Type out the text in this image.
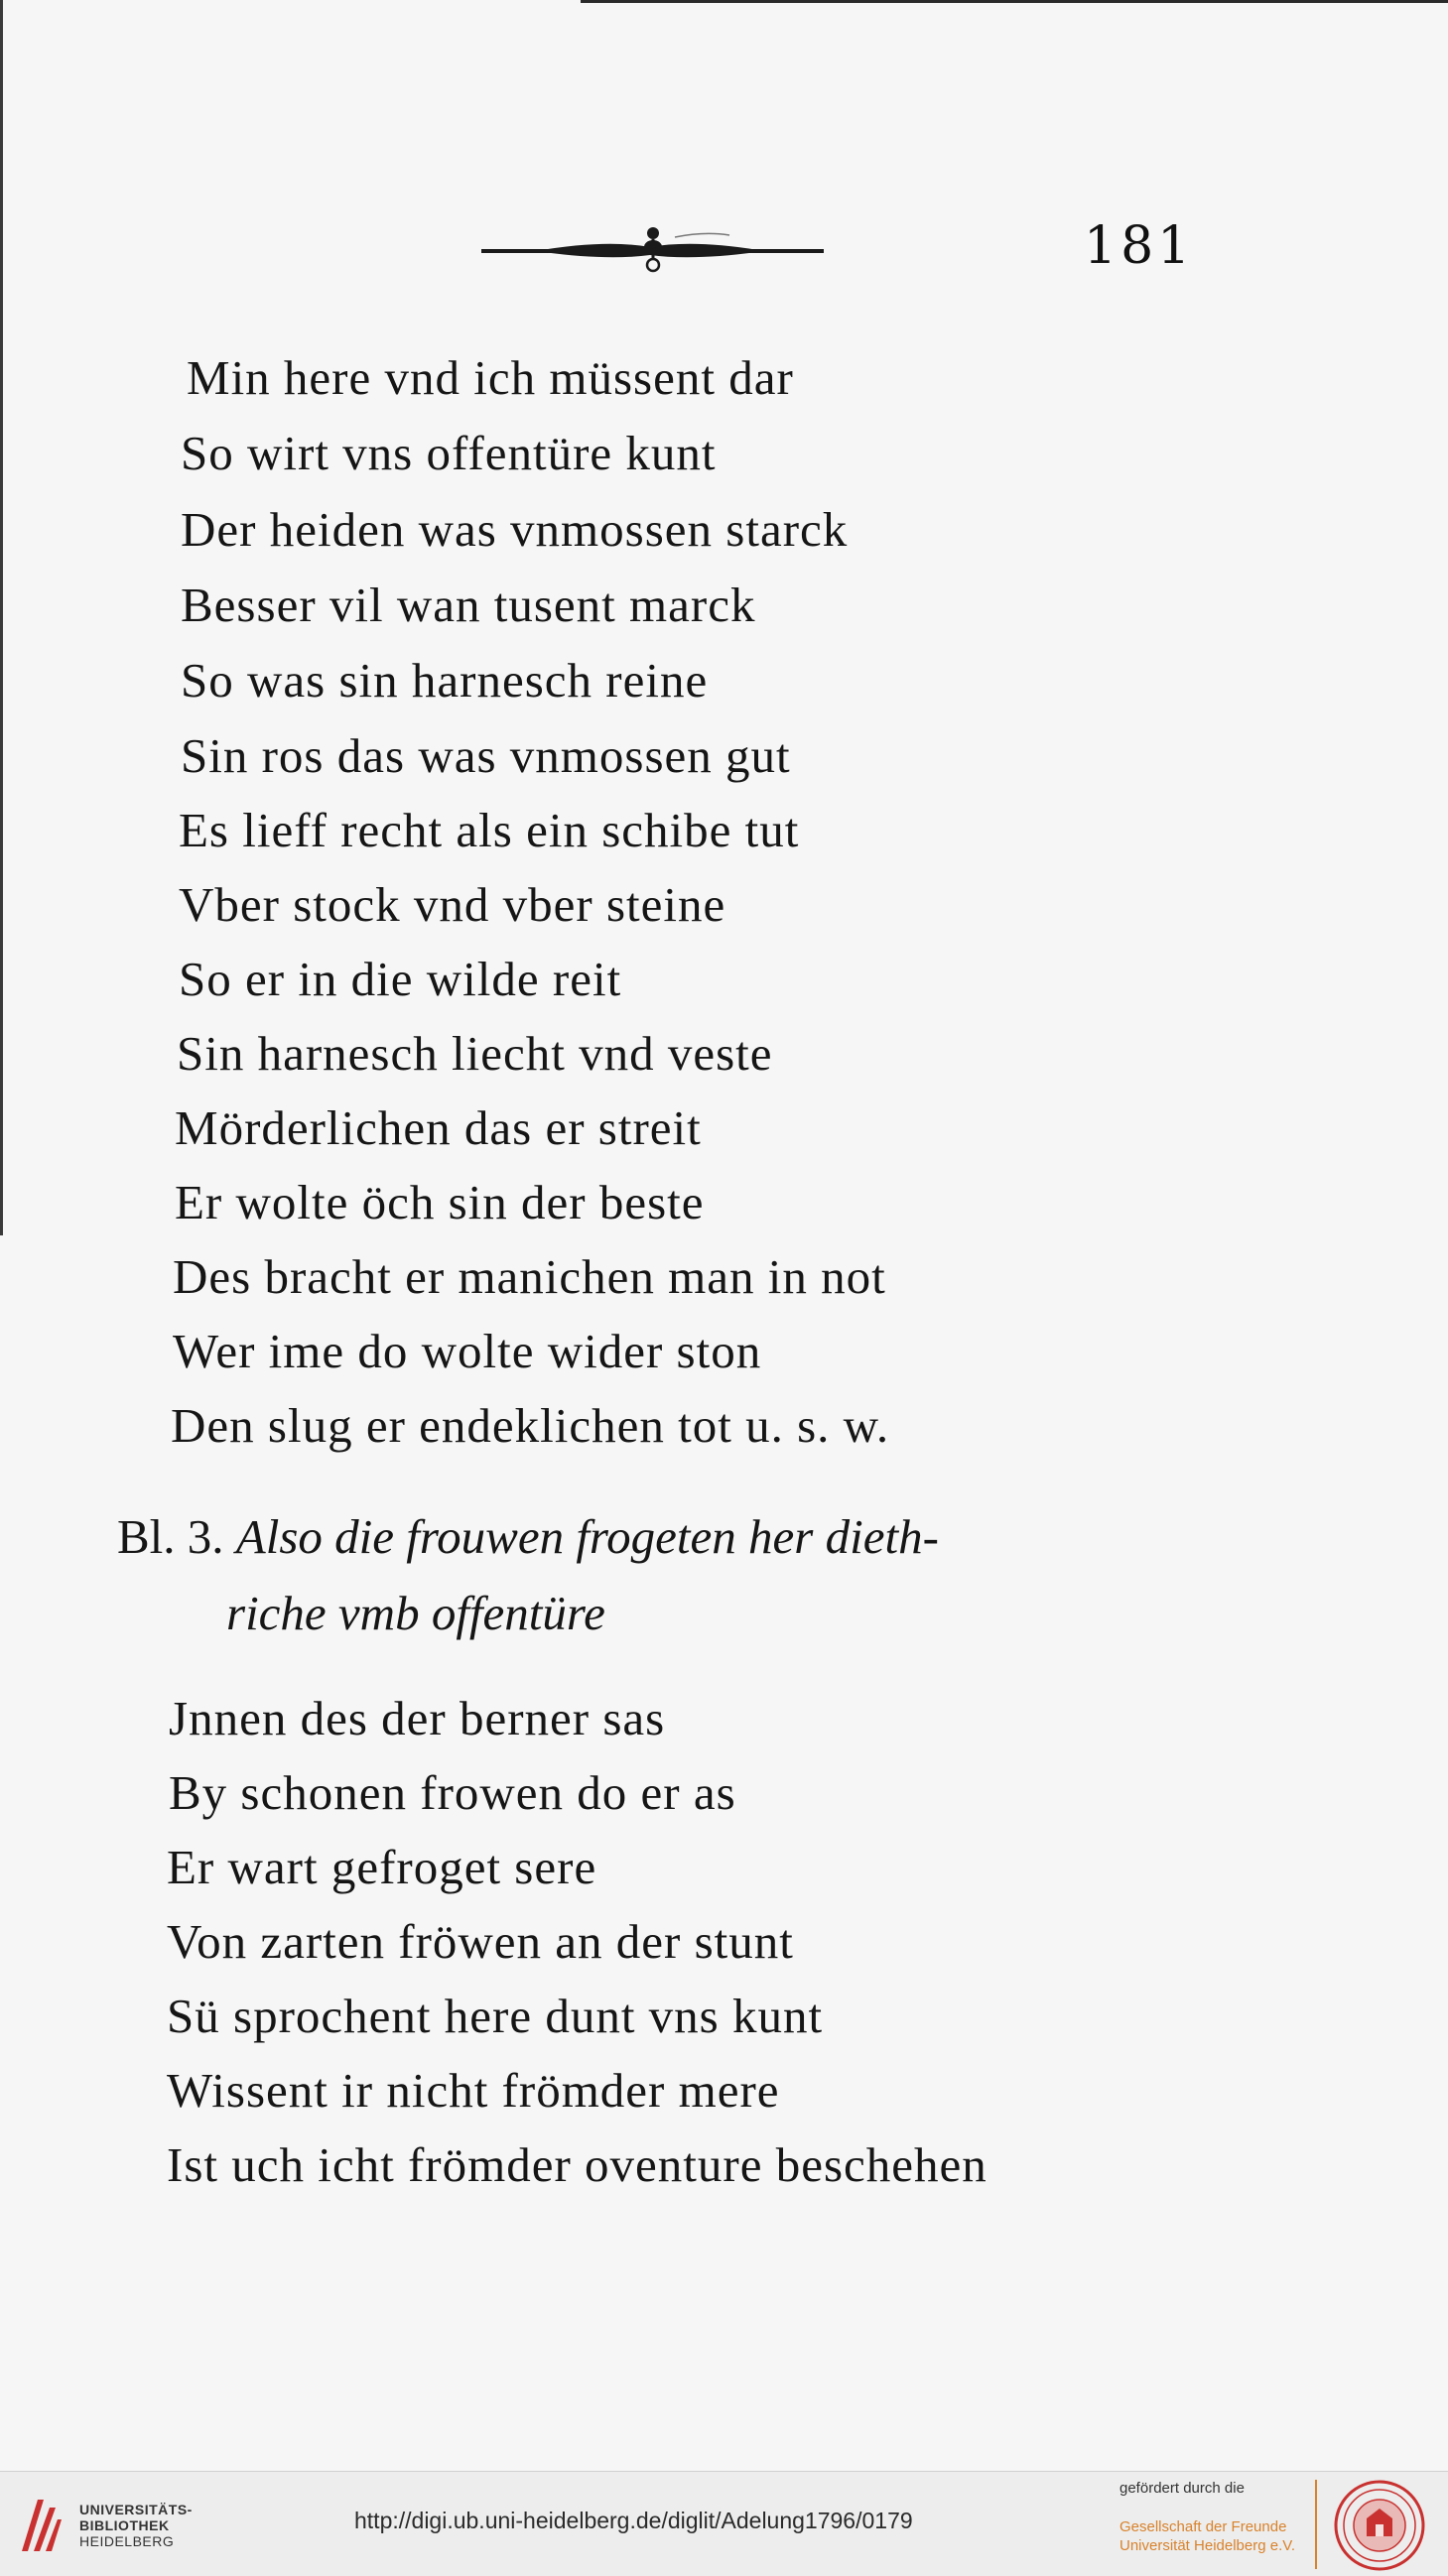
181
Min here vnd ich müssent dar
So wirt vns offentüre kunt
Der heiden was vnmossen starck
Besser vil wan tusent marck
So was sin harnesch reine
Sin ros das was vnmossen gut
Es lieff recht als ein schibe tut
Vber stock vnd vber steine
So er in die wilde reit
Sin harnesch liecht vnd veste
Mörderlichen das er streit
Er wolte öch sin der beste
Des bracht er manichen man in not
Wer ime do wolte wider ston
Den slug er endeklichen tot u. s. w.
Bl. 3. Also die frouwen frogeten her dieth-
riche vmb offentüre
Jnnen des der berner sas
By schonen frowen do er as
Er wart gefroget sere
Von zarten fröwen an der stunt
Sü sprochent here dunt vns kunt
Wissent ir nicht frömder mere
Ist uch icht frömder oventure beschehen
UNIVERSITÄTS-
BIBLIOTHEK
HEIDELBERG
http://digi.ub.uni-heidelberg.de/diglit/Adelung1796/0179
gefördert durch die
Gesellschaft der Freunde
Universität Heidelberg e.V.
